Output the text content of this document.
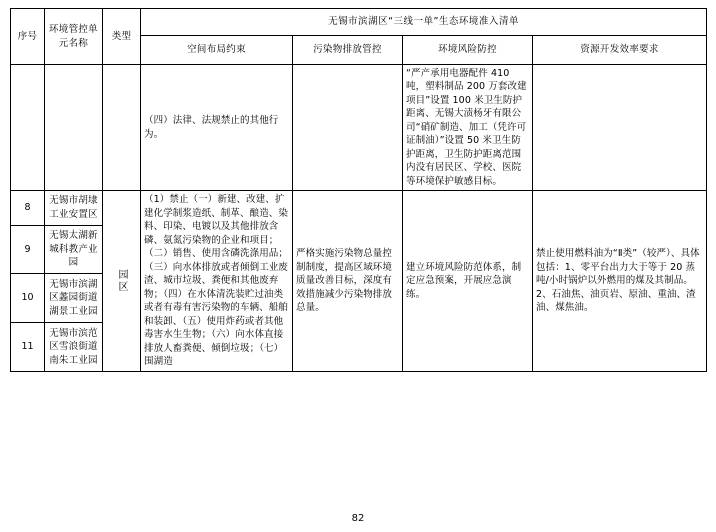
序号	环境管控单元名称	类型	无锡市滨湖区“三线一单”生态环境准入清单			
			空间布局约束	污染物排放管控	环境风险防控	资源开发效率要求
			（四）法律、法规禁止的其他行为。		“严产承用电器配件 410 吨，塑料制品 200 万套改建项目”设置 100 米卫生防护距离、无锡大渍杨牙有限公司“硝矿制造、加工（凭许可证制油）”设置 50 米卫生防护距离，卫生防护距离范围内没有居民区、学校、医院等环境保护敏感目标。	
8	无锡市胡埭工业安置区	园区	（1）禁止（一）新建、改建、扩建化学制浆造纸、制革、酿造、染料、印染、电镀以及其他排放含磷、氨氮污染物的企业和项目；（二）销售、使用含磷洗涤用品；（三）向水体排放或者倾倒工业废渣、城市垃圾、粪便和其他废弃物；（四）在水体清洗装贮过油类或者有毒有害污染物的车辆、船舶和装卸、（五）使用炸药或者其他毒害水生生物；（六）向水体直接排放人畜粪便、倾倒垃圾；（七）围湖造	严格实施污染物总量控制制度，提高区域环境质量改善目标，深度有效措施减少污染物排放总量。	建立环境风险防范体系，制定应急预案，开展应急演练。	禁止使用燃料油为“Ⅱ类”（较严）、具体包括：1、零平台出力大于等于 20 蒸吨/小时锅炉以外燃用的煤及其制品。2、石油焦、油页岩、原油、重油、渣油、煤焦油。
9	无锡太湖新城科教产业园					
10	无锡市滨湖区蠡园街道湖景工业园					
11	无锡市滨范区雪浪街道南朱工业园					
82
